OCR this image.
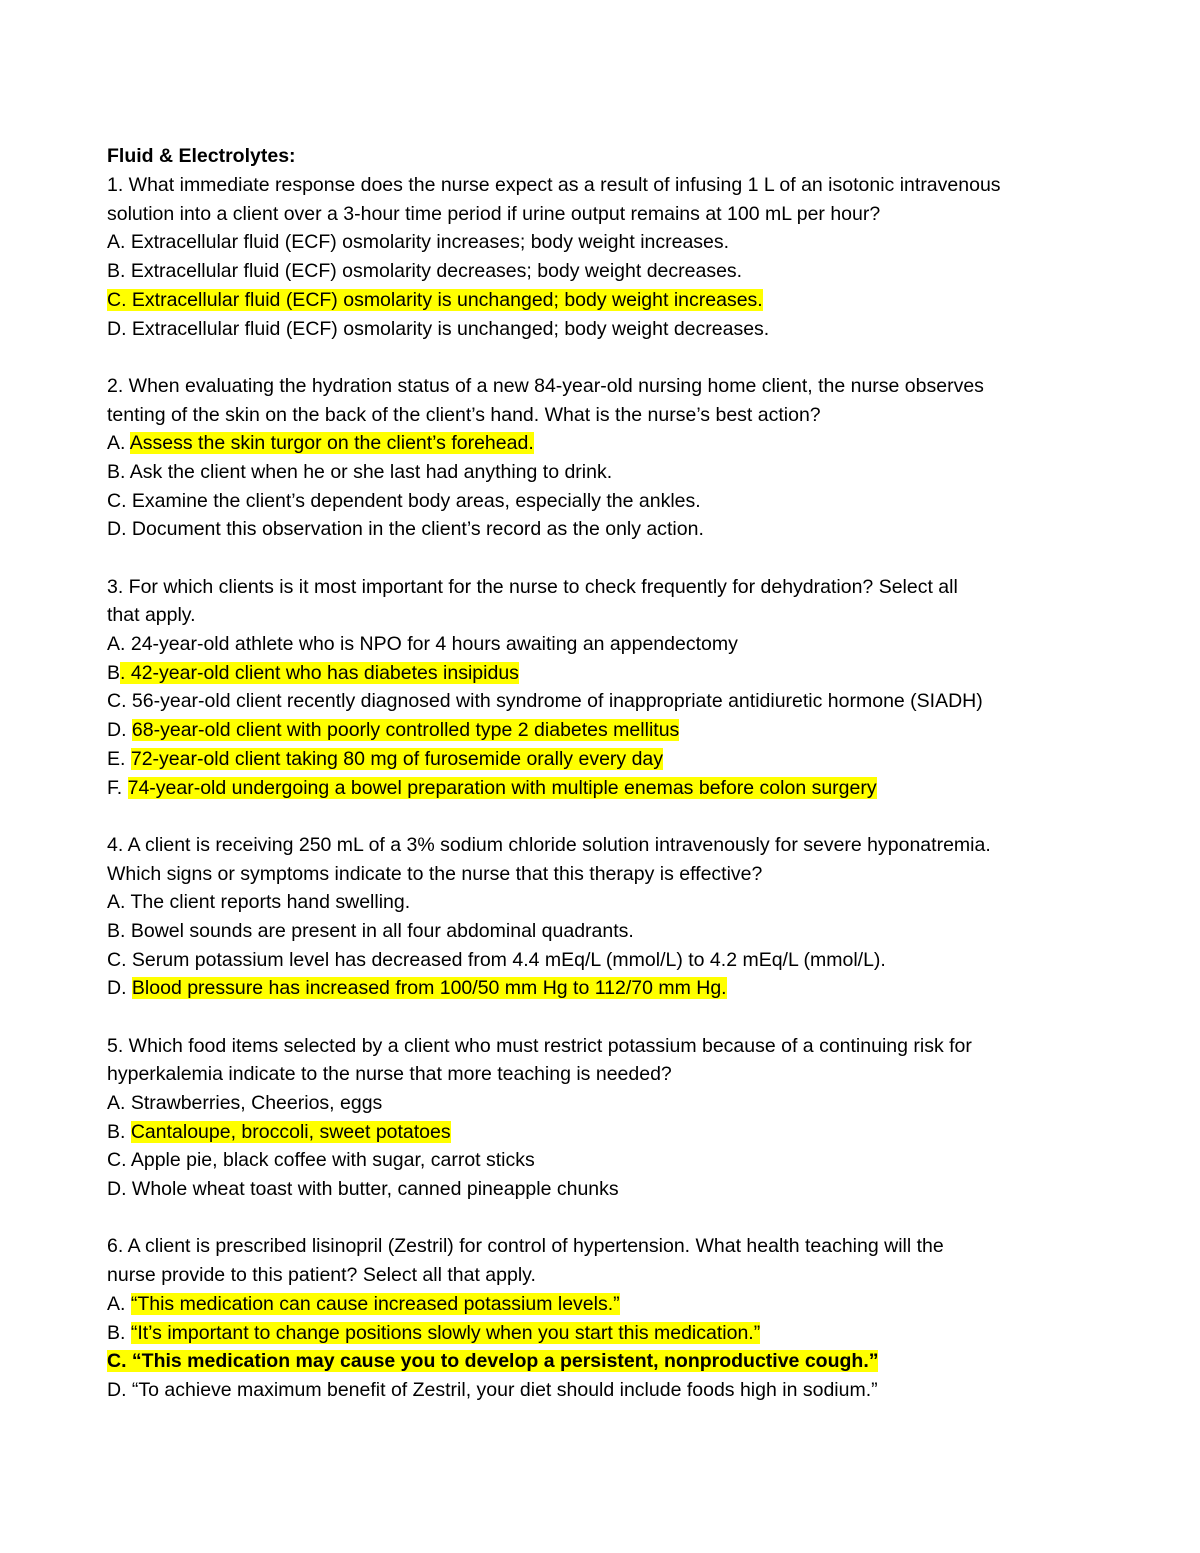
Fluid & Electrolytes:

1. What immediate response does the nurse expect as a result of infusing 1 L of an isotonic intravenous

solution into a client over a 3-hour time period if urine output remains at 100 mL per hour?

A. Extracellular fluid (ECF) osmolarity increases; body weight increases.

B. Extracellular fluid (ECF) osmolarity decreases; body weight decreases.

C. Extracellular fluid (ECF) osmolarity is unchanged; body weight increases.

D. Extracellular fluid (ECF) osmolarity is unchanged; body weight decreases.

2. When evaluating the hydration status of a new 84-year-old nursing home client, the nurse observes

tenting of the skin on the back of the client’s hand. What is the nurse’s best action?

A. Assess the skin turgor on the client’s forehead.

B. Ask the client when he or she last had anything to drink.

C. Examine the client’s dependent body areas, especially the ankles.

D. Document this observation in the client’s record as the only action.

3. For which clients is it most important for the nurse to check frequently for dehydration? Select all

that apply.

A. 24-year-old athlete who is NPO for 4 hours awaiting an appendectomy

B. 42-year-old client who has diabetes insipidus

C. 56-year-old client recently diagnosed with syndrome of inappropriate antidiuretic hormone (SIADH)

D. 68-year-old client with poorly controlled type 2 diabetes mellitus

E. 72-year-old client taking 80 mg of furosemide orally every day

F. 74-year-old undergoing a bowel preparation with multiple enemas before colon surgery

4. A client is receiving 250 mL of a 3% sodium chloride solution intravenously for severe hyponatremia.

Which signs or symptoms indicate to the nurse that this therapy is effective?

A. The client reports hand swelling.

B. Bowel sounds are present in all four abdominal quadrants.

C. Serum potassium level has decreased from 4.4 mEq/L (mmol/L) to 4.2 mEq/L (mmol/L).

D. Blood pressure has increased from 100/50 mm Hg to 112/70 mm Hg.

5. Which food items selected by a client who must restrict potassium because of a continuing risk for

hyperkalemia indicate to the nurse that more teaching is needed?

A. Strawberries, Cheerios, eggs

B. Cantaloupe, broccoli, sweet potatoes

C. Apple pie, black coffee with sugar, carrot sticks

D. Whole wheat toast with butter, canned pineapple chunks

6. A client is prescribed lisinopril (Zestril) for control of hypertension. What health teaching will the

nurse provide to this patient? Select all that apply.

A. “This medication can cause increased potassium levels.”

B. “It’s important to change positions slowly when you start this medication.”

C. “This medication may cause you to develop a persistent, nonproductive cough.”

D. “To achieve maximum benefit of Zestril, your diet should include foods high in sodium.”
